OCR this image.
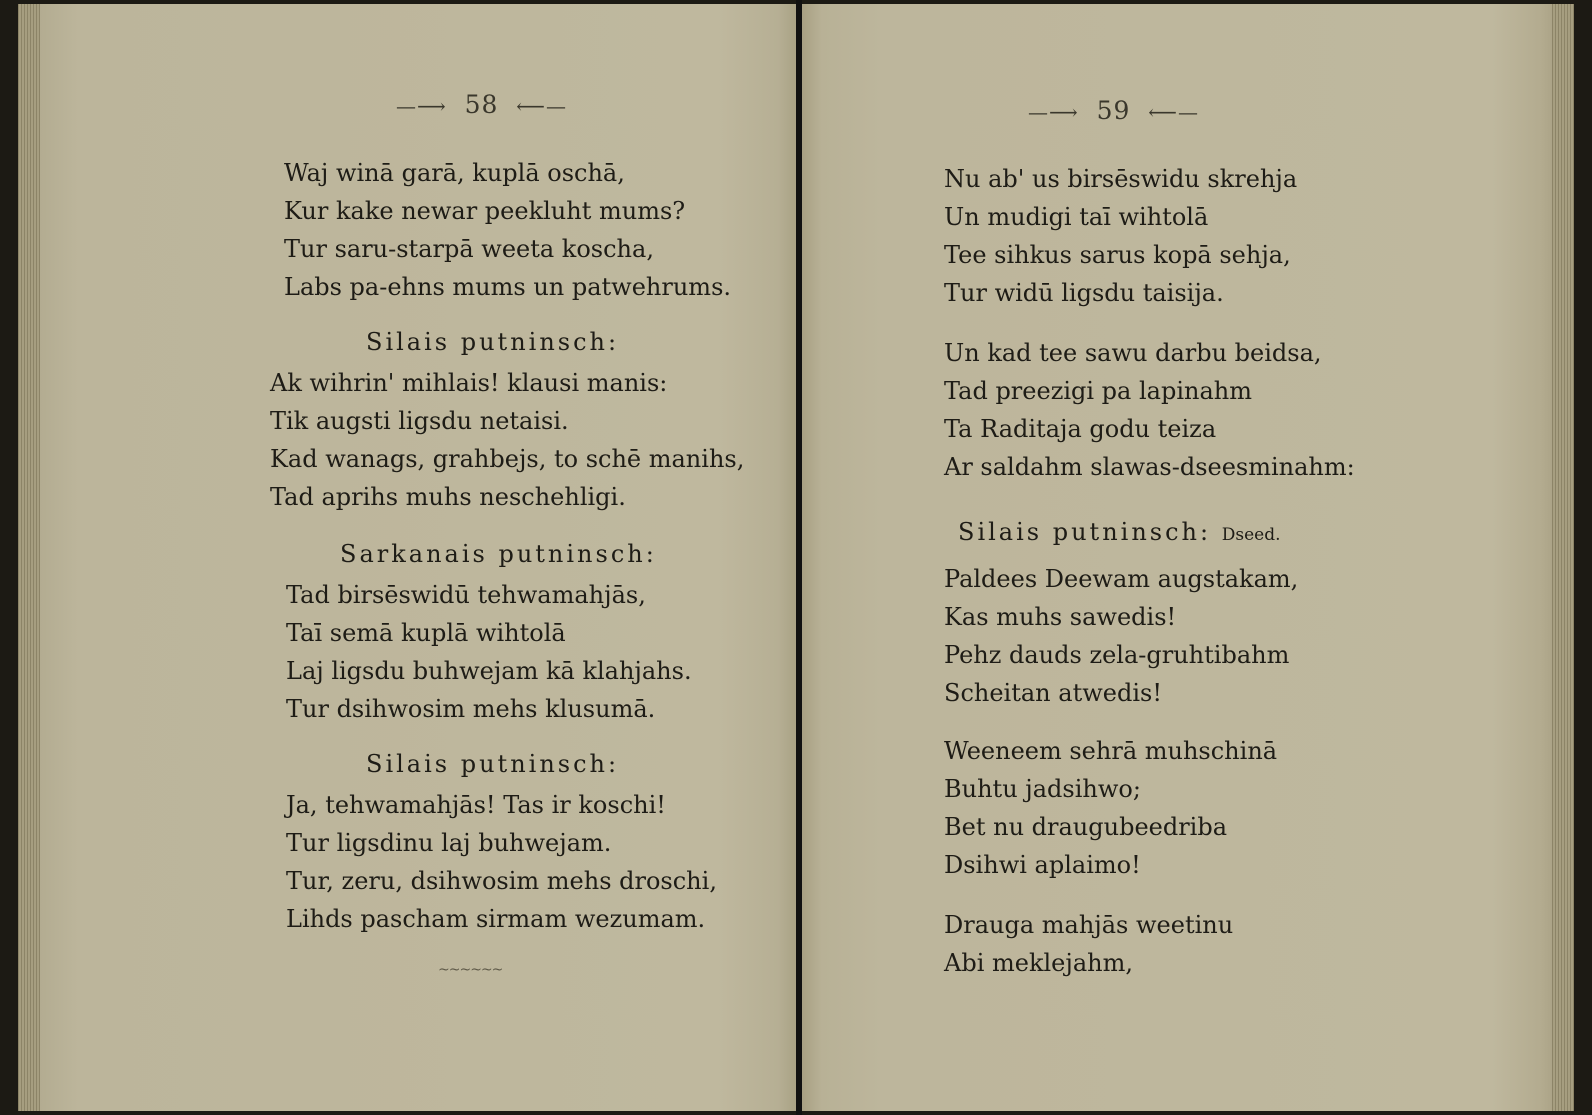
—⟶ 58 ⟵—
Waj winā garā, kuplā oschā,
Kur kake newar peekluht mums?
Tur saru-starpā weeta koscha,
Labs pa-ehns mums un patwehrums.
Silais putninsch:
Ak wihrin' mihlais! klausi manis:
Tik augsti ligsdu netaisi.
Kad wanags, grahbejs, to schē manihs,
Tad aprihs muhs neschehligi.
Sarkanais putninsch:
Tad birsēswidū tehwamahjās,
Taī semā kuplā wihtolā
Laj ligsdu buhwejam kā klahjahs.
Tur dsihwosim mehs klusumā.
Silais putninsch:
Ja, tehwamahjās! Tas ir koschi!
Tur ligsdinu laj buhwejam.
Tur, zeru, dsihwosim mehs droschi,
Lihds pascham sirmam wezumam.
~~~~~~
—⟶ 59 ⟵—
Nu ab' us birsēswidu skrehja
Un mudigi taī wihtolā
Tee sihkus sarus kopā sehja,
Tur widū ligsdu taisija.
Un kad tee sawu darbu beidsa,
Tad preezigi pa lapinahm
Ta Raditaja godu teiza
Ar saldahm slawas-dseesminahm:
Silais putninsch: Dseed.
Paldees Deewam augstakam,
Kas muhs sawedis!
Pehz dauds zela-gruhtibahm
Scheitan atwedis!
Weeneem sehrā muhschinā
Buhtu jadsihwo;
Bet nu draugubeedriba
Dsihwi aplaimo!
Drauga mahjās weetinu
Abi meklejahm,
